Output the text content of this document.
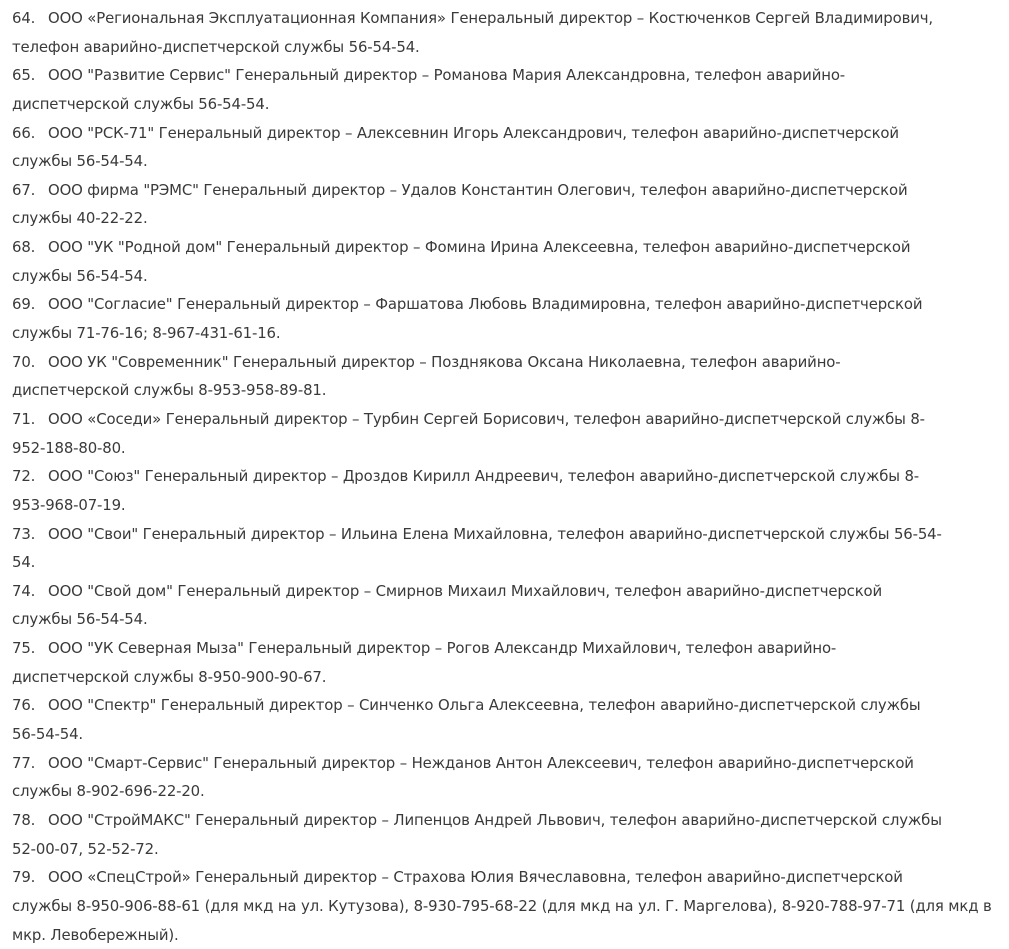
64. ООО «Региональная Эксплуатационная Компания» Генеральный директор – Костюченков Сергей Владимирович,
телефон аварийно-диспетчерской службы 56-54-54.
65. ООО "Развитие Сервис" Генеральный директор – Романова Мария Александровна, телефон аварийно-
диспетчерской службы 56-54-54.
66. ООО "РСК-71" Генеральный директор – Алексевнин Игорь Александрович, телефон аварийно-диспетчерской
службы 56-54-54.
67. ООО фирма "РЭМС" Генеральный директор – Удалов Константин Олегович, телефон аварийно-диспетчерской
службы 40-22-22.
68. ООО "УК "Родной дом" Генеральный директор – Фомина Ирина Алексеевна, телефон аварийно-диспетчерской
службы 56-54-54.
69. ООО "Согласие" Генеральный директор – Фаршатова Любовь Владимировна, телефон аварийно-диспетчерской
службы 71-76-16; 8-967-431-61-16.
70. ООО УК "Современник" Генеральный директор – Позднякова Оксана Николаевна, телефон аварийно-
диспетчерской службы 8-953-958-89-81.
71. ООО «Соседи» Генеральный директор – Турбин Сергей Борисович, телефон аварийно-диспетчерской службы 8-
952-188-80-80.
72. ООО "Союз" Генеральный директор – Дроздов Кирилл Андреевич, телефон аварийно-диспетчерской службы 8-
953-968-07-19.
73. ООО "Свои" Генеральный директор – Ильина Елена Михайловна, телефон аварийно-диспетчерской службы 56-54-
54.
74. ООО "Свой дом" Генеральный директор – Смирнов Михаил Михайлович, телефон аварийно-диспетчерской
службы 56-54-54.
75. ООО "УК Северная Мыза" Генеральный директор – Рогов Александр Михайлович, телефон аварийно-
диспетчерской службы 8-950-900-90-67.
76. ООО "Спектр" Генеральный директор – Синченко Ольга Алексеевна, телефон аварийно-диспетчерской службы
56-54-54.
77. ООО "Смарт-Сервис" Генеральный директор – Нежданов Антон Алексеевич, телефон аварийно-диспетчерской
службы 8-902-696-22-20.
78. ООО "СтройМАКС" Генеральный директор – Липенцов Андрей Львович, телефон аварийно-диспетчерской службы
52-00-07, 52-52-72.
79. ООО «СпецСтрой» Генеральный директор – Страхова Юлия Вячеславовна, телефон аварийно-диспетчерской
службы 8-950-906-88-61 (для мкд на ул. Кутузова), 8-930-795-68-22 (для мкд на ул. Г. Маргелова), 8-920-788-97-71 (для мкд в
мкр. Левобережный).
